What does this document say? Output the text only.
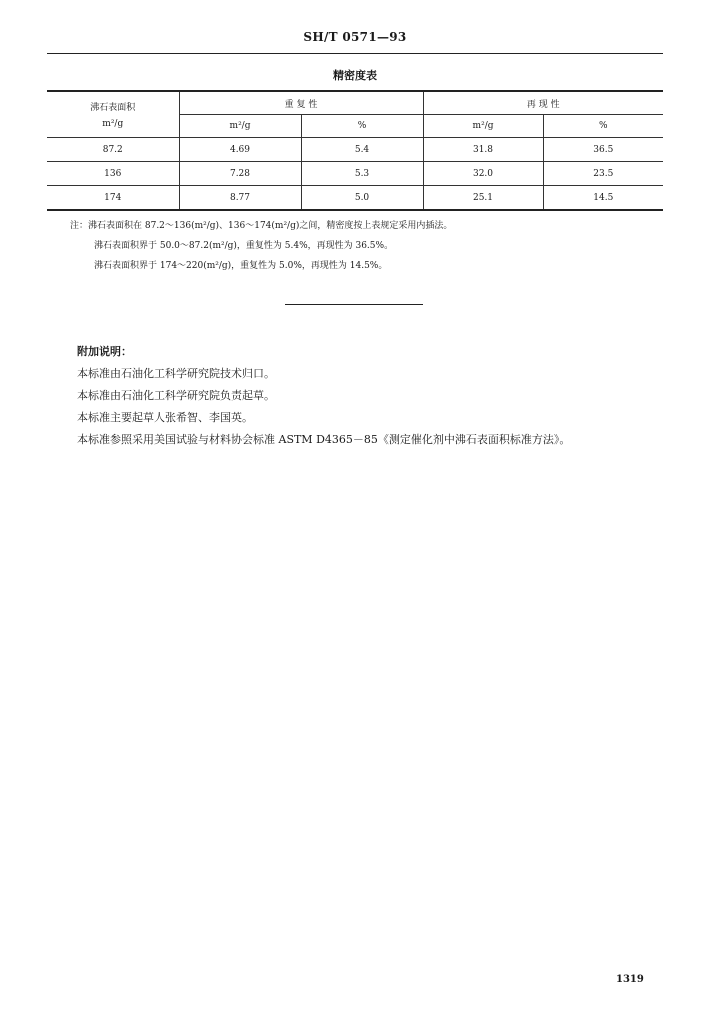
SH/T 0571—93
精密度表
沸石表面积
m²/g	重 复 性		再 现 性	
	m²/g	%	m²/g	%
87.2	4.69	5.4	31.8	36.5
136	7.28	5.3	32.0	23.5
174	8.77	5.0	25.1	14.5
注：沸石表面积在 87.2～136(m²/g)、136～174(m²/g)之间，精密度按上表规定采用内插法。
沸石表面积界于 50.0～87.2(m²/g)，重复性为 5.4%，再现性为 36.5%。
沸石表面积界于 174～220(m²/g)，重复性为 5.0%，再现性为 14.5%。
附加说明：
本标准由石油化工科学研究院技术归口。
本标准由石油化工科学研究院负责起草。
本标准主要起草人张希智、李国英。
本标准参照采用美国试验与材料协会标准 ASTM D4365－85《测定催化剂中沸石表面积标准方法》。
1319
